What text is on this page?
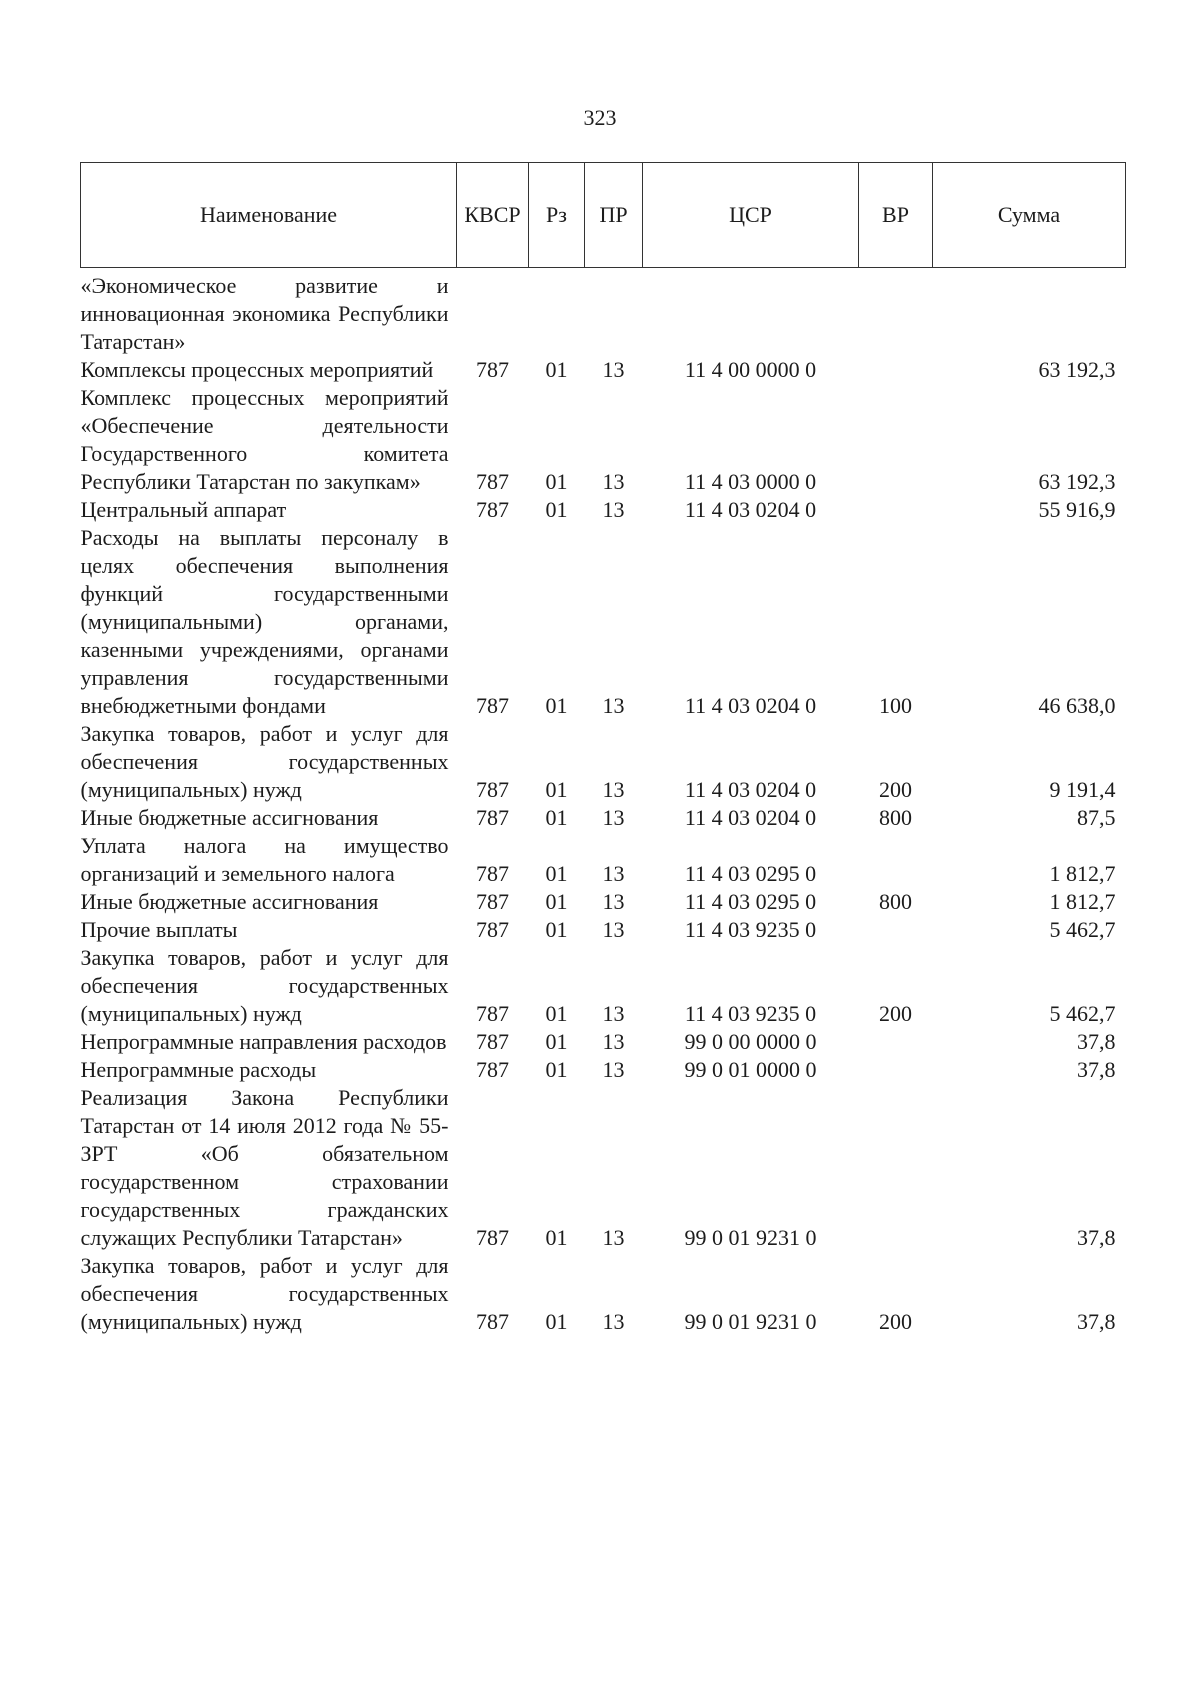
323
Наименование	КВСР	Рз	ПР	ЦСР	ВР	Сумма
«Экономическое развитие и инновационная экономика Республики Татарстан»						
Комплексы процессных мероприятий	787	01	13	11 4 00 0000 0		63 192,3
Комплекс процессных мероприятий «Обеспечение деятельности Государственного комитета Республики Татарстан по закупкам»	787	01	13	11 4 03 0000 0		63 192,3
Центральный аппарат	787	01	13	11 4 03 0204 0		55 916,9
Расходы на выплаты персоналу в целях обеспечения выполнения функций государственными (муниципальными) органами, казенными учреждениями, органами управления государственными внебюджетными фондами	787	01	13	11 4 03 0204 0	100	46 638,0
Закупка товаров, работ и услуг для обеспечения государственных (муниципальных) нужд	787	01	13	11 4 03 0204 0	200	9 191,4
Иные бюджетные ассигнования	787	01	13	11 4 03 0204 0	800	87,5
Уплата налога на имущество организаций и земельного налога	787	01	13	11 4 03 0295 0		1 812,7
Иные бюджетные ассигнования	787	01	13	11 4 03 0295 0	800	1 812,7
Прочие выплаты	787	01	13	11 4 03 9235 0		5 462,7
Закупка товаров, работ и услуг для обеспечения государственных (муниципальных) нужд	787	01	13	11 4 03 9235 0	200	5 462,7
Непрограммные направления расходов	787	01	13	99 0 00 0000 0		37,8
Непрограммные расходы	787	01	13	99 0 01 0000 0		37,8
Реализация Закона Республики Татарстан от 14 июля 2012 года № 55-ЗРТ «Об обязательном государственном страховании государственных гражданских служащих Республики Татарстан»	787	01	13	99 0 01 9231 0		37,8
Закупка товаров, работ и услуг для обеспечения государственных (муниципальных) нужд	787	01	13	99 0 01 9231 0	200	37,8
